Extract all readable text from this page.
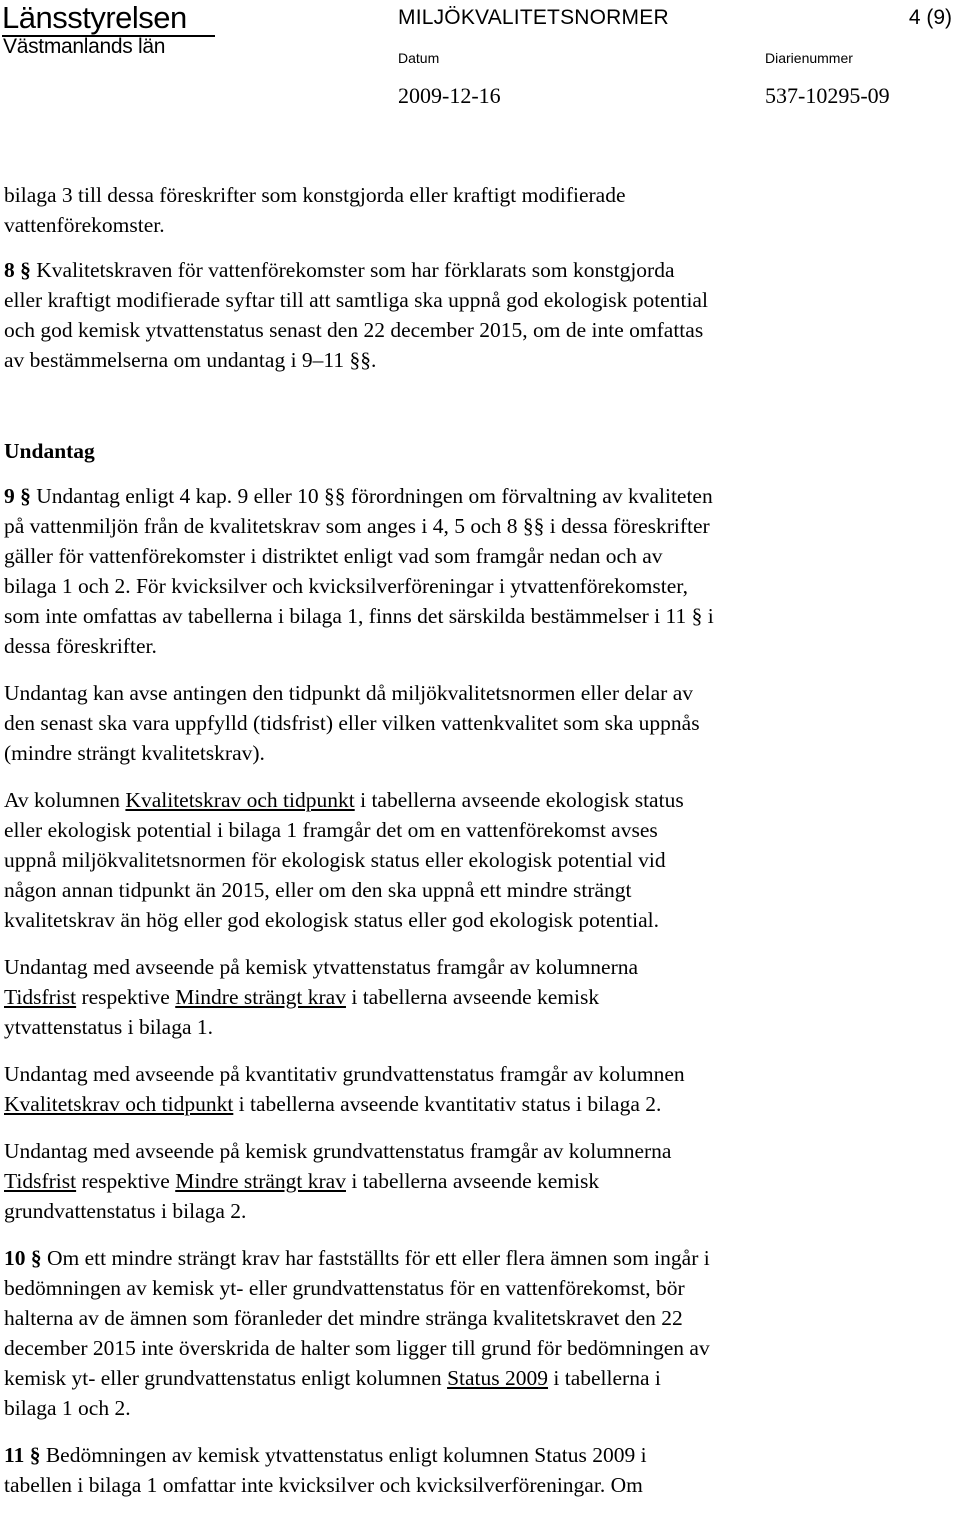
Länsstyrelsen
Västmanlands län
MILJÖKVALITETSNORMER	4 (9)
Datum	Diarienummer
2009-12-16	537-10295-09

bilaga 3 till dessa föreskrifter som konstgjorda eller kraftigt modifierade

vattenförekomster.

8 § Kvalitetskraven för vattenförekomster som har förklarats som konstgjorda

eller kraftigt modifierade syftar till att samtliga ska uppnå god ekologisk potential

och god kemisk ytvattenstatus senast den 22 december 2015, om de inte omfattas

av bestämmelserna om undantag i 9–11 §§.

Undantag

9 § Undantag enligt 4 kap. 9 eller 10 §§ förordningen om förvaltning av kvaliteten

på vattenmiljön från de kvalitetskrav som anges i 4, 5 och 8 §§ i dessa föreskrifter

gäller för vattenförekomster i distriktet enligt vad som framgår nedan och av

bilaga 1 och 2. För kvicksilver och kvicksilverföreningar i ytvattenförekomster,

som inte omfattas av tabellerna i bilaga 1, finns det särskilda bestämmelser i 11 § i

dessa föreskrifter.

Undantag kan avse antingen den tidpunkt då miljökvalitetsnormen eller delar av

den senast ska vara uppfylld (tidsfrist) eller vilken vattenkvalitet som ska uppnås

(mindre strängt kvalitetskrav).

Av kolumnen Kvalitetskrav och tidpunkt i tabellerna avseende ekologisk status

eller ekologisk potential i bilaga 1 framgår det om en vattenförekomst avses

uppnå miljökvalitetsnormen för ekologisk status eller ekologisk potential vid

någon annan tidpunkt än 2015, eller om den ska uppnå ett mindre strängt

kvalitetskrav än hög eller god ekologisk status eller god ekologisk potential.

Undantag med avseende på kemisk ytvattenstatus framgår av kolumnerna

Tidsfrist respektive Mindre strängt krav i tabellerna avseende kemisk

ytvattenstatus i bilaga 1.

Undantag med avseende på kvantitativ grundvattenstatus framgår av kolumnen

Kvalitetskrav och tidpunkt i tabellerna avseende kvantitativ status i bilaga 2.

Undantag med avseende på kemisk grundvattenstatus framgår av kolumnerna

Tidsfrist respektive Mindre strängt krav i tabellerna avseende kemisk

grundvattenstatus i bilaga 2.

10 § Om ett mindre strängt krav har fastställts för ett eller flera ämnen som ingår i

bedömningen av kemisk yt- eller grundvattenstatus för en vattenförekomst, bör

halterna av de ämnen som föranleder det mindre stränga kvalitetskravet den 22

december 2015 inte överskrida de halter som ligger till grund för bedömningen av

kemisk yt- eller grundvattenstatus enligt kolumnen Status 2009 i tabellerna i

bilaga 1 och 2.

11 § Bedömningen av kemisk ytvattenstatus enligt kolumnen Status 2009 i

tabellen i bilaga 1 omfattar inte kvicksilver och kvicksilverföreningar. Om
